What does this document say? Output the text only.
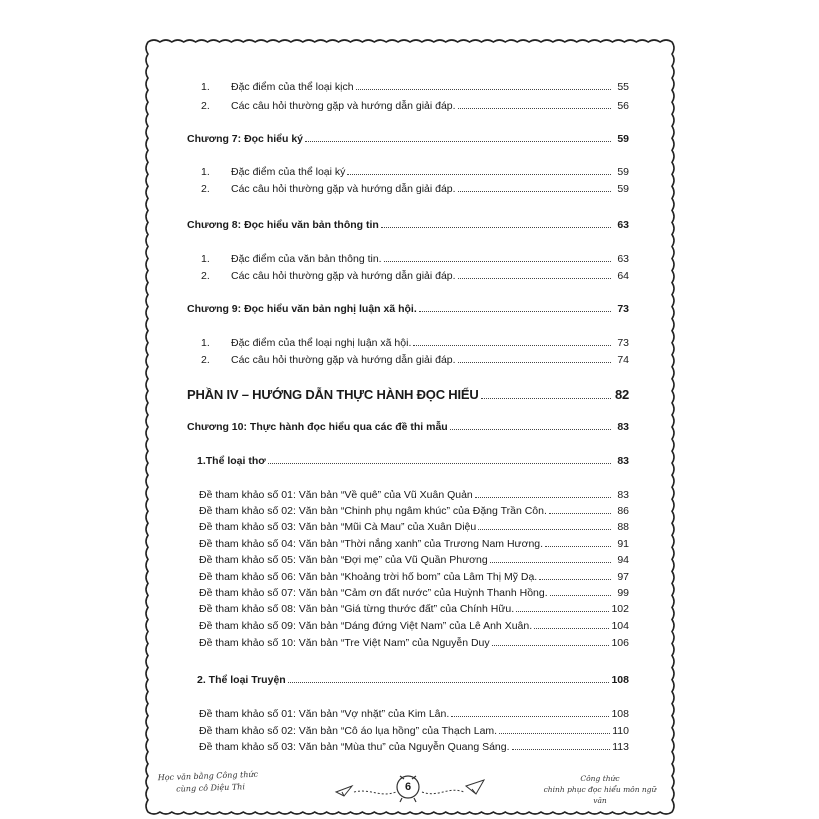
1.	Đặc điểm của thể loại kịch	55
2.	Các câu hỏi thường gặp và hướng dẫn giải đáp.	56
Chương 7: Đọc hiểu ký	59
1.	Đặc điểm của thể loại ký	59
2.	Các câu hỏi thường gặp và hướng dẫn giải đáp.	59
Chương 8: Đọc hiểu văn bản thông tin	63
1.	Đặc điểm của văn bản thông tin.	63
2.	Các câu hỏi thường gặp và hướng dẫn giải đáp.	64
Chương 9: Đọc hiểu văn bản nghị luận xã hội.	73
1.	Đặc điểm của thể loại nghị luận xã hội.	73
2.	Các câu hỏi thường gặp và hướng dẫn giải đáp.	74
PHẦN IV – HƯỚNG DẪN THỰC HÀNH ĐỌC HIỂU	82
Chương 10: Thực hành đọc hiểu qua các đề thi mẫu	83
1.Thể loại thơ	83
Đề tham khảo số 01: Văn bản “Về quê” của Vũ Xuân Quản	83
Đề tham khảo số 02: Văn bản “Chinh phụ ngâm khúc” của Đặng Trần Côn.	86
Đề tham khảo số 03: Văn bản “Mũi Cà Mau” của Xuân Diệu	88
Đề tham khảo số 04: Văn bản “Thời nắng xanh” của Trương Nam Hương.	91
Đề tham khảo số 05: Văn bản “Đợi mẹ” của Vũ Quần Phương	94
Đề tham khảo số 06: Văn bản “Khoảng trời hố bom” của Lâm Thị Mỹ Dạ.	97
Đề tham khảo số 07: Văn bản “Cảm ơn đất nước” của Huỳnh Thanh Hồng.	99
Đề tham khảo số 08: Văn bản “Giá từng thước đất” của Chính Hữu.	102
Đề tham khảo số 09: Văn bản “Dáng đứng Việt Nam” của Lê Anh Xuân.	104
Đề tham khảo số 10: Văn bản “Tre Việt Nam” của Nguyễn Duy	106
2. Thể loại Truyện	108
Đề tham khảo số 01: Văn bản “Vợ nhặt” của Kim Lân.	108
Đề tham khảo số 02: Văn bản “Cô áo lụa hồng” của Thạch Lam.	110
Đề tham khảo số 03: Văn bản “Mùa thu” của Nguyễn Quang Sáng.	113
Học văn bằng Công thức
cùng cô Diệu Thi	6
Công thức
chinh phục đọc hiểu môn ngữ văn
